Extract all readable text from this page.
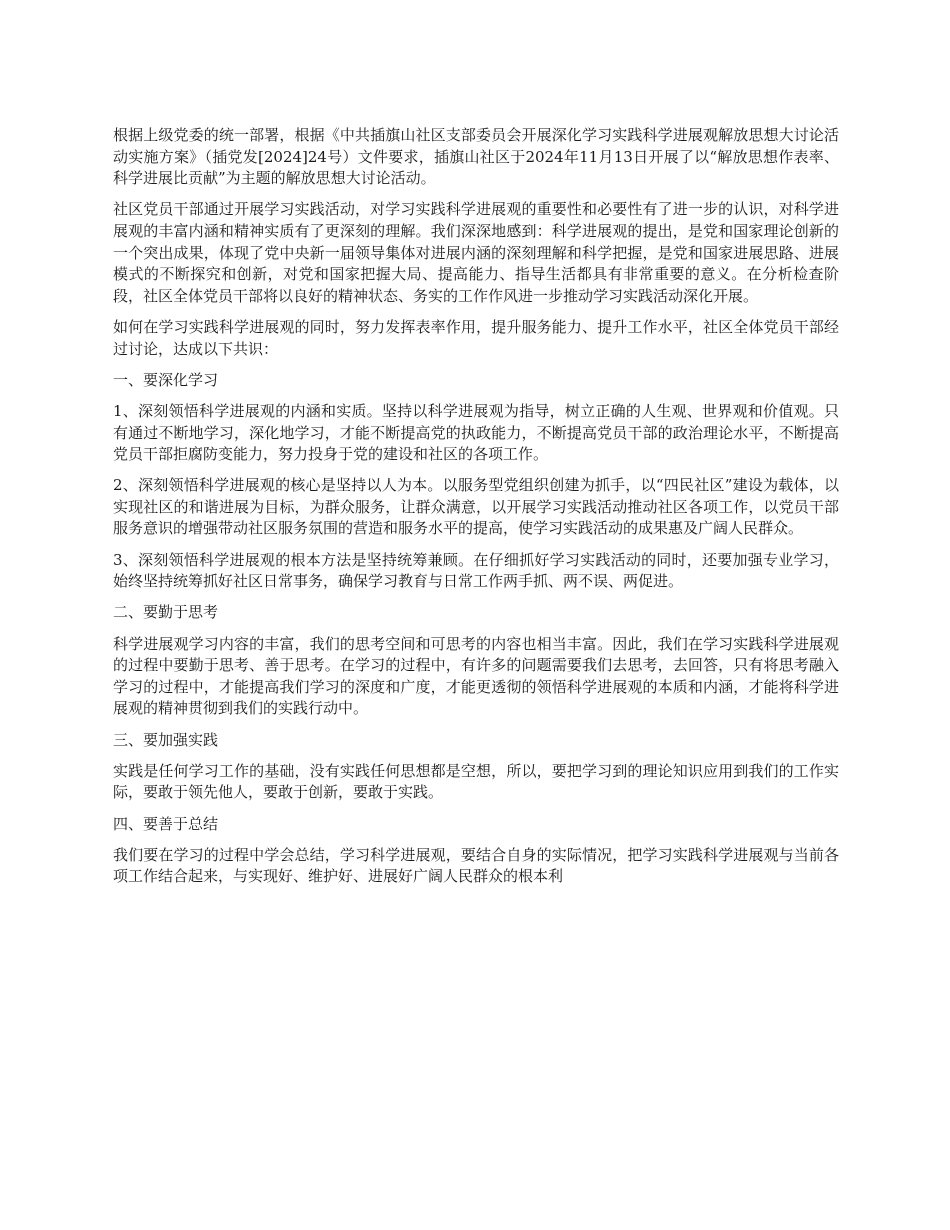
根据上级党委的统一部署，根据《中共插旗山社区支部委员会开展深化学习实践科学进展观解放思想大讨论活动实施方案》（插党发[2024]24号）文件要求，插旗山社区于2024年11月13日开展了以“解放思想作表率、科学进展比贡献”为主题的解放思想大讨论活动。

社区党员干部通过开展学习实践活动，对学习实践科学进展观的重要性和必要性有了进一步的认识，对科学进展观的丰富内涵和精神实质有了更深刻的理解。我们深深地感到：科学进展观的提出，是党和国家理论创新的一个突出成果，体现了党中央新一届领导集体对进展内涵的深刻理解和科学把握，是党和国家进展思路、进展模式的不断探究和创新，对党和国家把握大局、提高能力、指导生活都具有非常重要的意义。在分析检查阶段，社区全体党员干部将以良好的精神状态、务实的工作作风进一步推动学习实践活动深化开展。

如何在学习实践科学进展观的同时，努力发挥表率作用，提升服务能力、提升工作水平，社区全体党员干部经过讨论，达成以下共识：

一、要深化学习

1、深刻领悟科学进展观的内涵和实质。坚持以科学进展观为指导，树立正确的人生观、世界观和价值观。只有通过不断地学习，深化地学习，才能不断提高党的执政能力，不断提高党员干部的政治理论水平，不断提高党员干部拒腐防变能力，努力投身于党的建设和社区的各项工作。

2、深刻领悟科学进展观的核心是坚持以人为本。以服务型党组织创建为抓手，以“四民社区”建设为载体，以实现社区的和谐进展为目标，为群众服务，让群众满意，以开展学习实践活动推动社区各项工作，以党员干部服务意识的增强带动社区服务氛围的营造和服务水平的提高，使学习实践活动的成果惠及广阔人民群众。

3、深刻领悟科学进展观的根本方法是坚持统筹兼顾。在仔细抓好学习实践活动的同时，还要加强专业学习，始终坚持统筹抓好社区日常事务，确保学习教育与日常工作两手抓、两不误、两促进。

二、要勤于思考

科学进展观学习内容的丰富，我们的思考空间和可思考的内容也相当丰富。因此，我们在学习实践科学进展观的过程中要勤于思考、善于思考。在学习的过程中，有许多的问题需要我们去思考，去回答，只有将思考融入学习的过程中，才能提高我们学习的深度和广度，才能更透彻的领悟科学进展观的本质和内涵，才能将科学进展观的精神贯彻到我们的实践行动中。

三、要加强实践

实践是任何学习工作的基础，没有实践任何思想都是空想，所以，要把学习到的理论知识应用到我们的工作实际，要敢于领先他人，要敢于创新，要敢于实践。

四、要善于总结

我们要在学习的过程中学会总结，学习科学进展观，要结合自身的实际情况，把学习实践科学进展观与当前各项工作结合起来，与实现好、维护好、进展好广阔人民群众的根本利
